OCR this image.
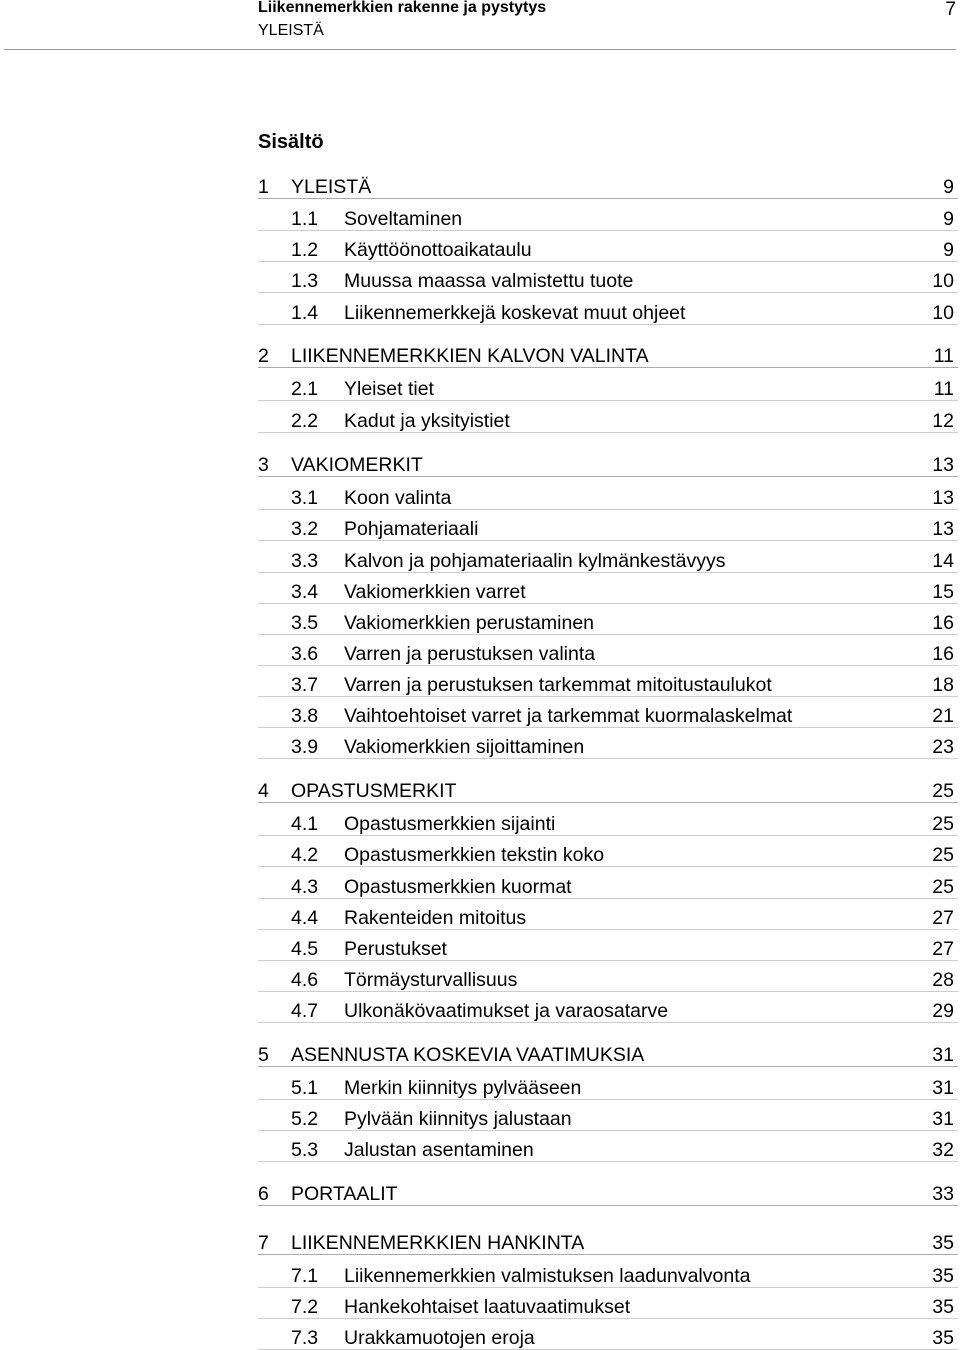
Liikennemerkkien rakenne ja pystytys
YLEISTÄ
7
Sisältö
1 YLEISTÄ	9
1.1 Soveltaminen	9
1.2 Käyttöönottoaikataulu	9
1.3 Muussa maassa valmistettu tuote	10
1.4 Liikennemerkkejä koskevat muut ohjeet	10
2 LIIKENNEMERKKIEN KALVON VALINTA	11
2.1 Yleiset tiet	11
2.2 Kadut ja yksityistiet	12
3 VAKIOMERKIT	13
3.1 Koon valinta	13
3.2 Pohjamateriaali	13
3.3 Kalvon ja pohjamateriaalin kylmänkestävyys	14
3.4 Vakiomerkkien varret	15
3.5 Vakiomerkkien perustaminen	16
3.6 Varren ja perustuksen valinta	16
3.7 Varren ja perustuksen tarkemmat mitoitustaulukot	18
3.8 Vaihtoehtoiset varret ja tarkemmat kuormalaskelmat	21
3.9 Vakiomerkkien sijoittaminen	23
4 OPASTUSMERKIT	25
4.1 Opastusmerkkien sijainti	25
4.2 Opastusmerkkien tekstin koko	25
4.3 Opastusmerkkien kuormat	25
4.4 Rakenteiden mitoitus	27
4.5 Perustukset	27
4.6 Törmäysturvallisuus	28
4.7 Ulkonäkövaatimukset ja varaosatarve	29
5 ASENNUSTA KOSKEVIA VAATIMUKSIA	31
5.1 Merkin kiinnitys pylvääseen	31
5.2 Pylvään kiinnitys jalustaan	31
5.3 Jalustan asentaminen	32
6 PORTAALIT	33
7 LIIKENNEMERKKIEN HANKINTA	35
7.1 Liikennemerkkien valmistuksen laadunvalvonta	35
7.2 Hankekohtaiset laatuvaatimukset	35
7.3 Urakkamuotojen eroja	35
